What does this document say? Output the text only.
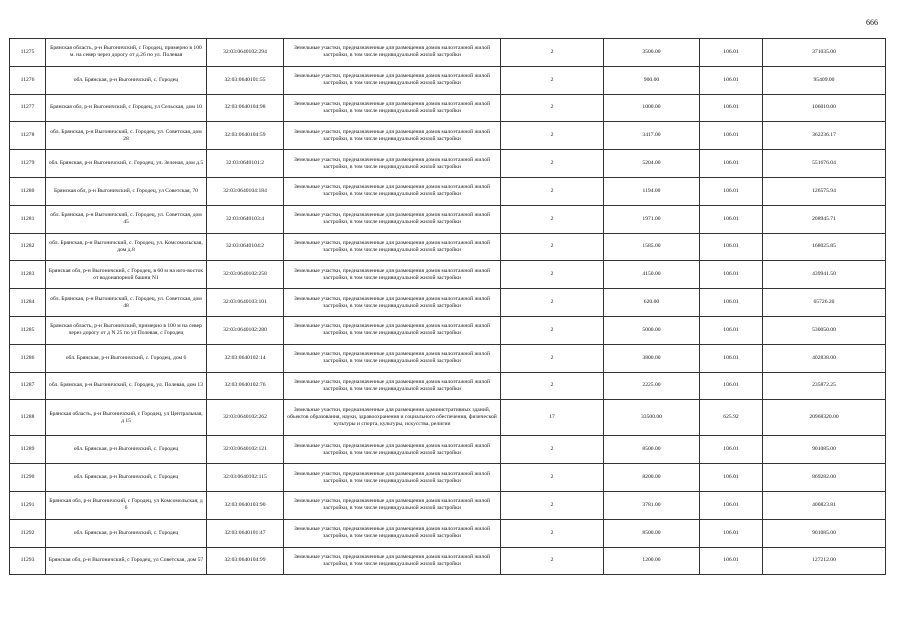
666
11275	Брянская область, р-н Выгоничский, с Городец, примерно в 100 м. на север через дорогу от д.26 по ул. Полевая	32:03:0640102:294	Земельные участки, предназначенные для размещения домов малоэтажной жилой застройки, в том числе индивидуальной жилой застройки	2	3500.00	106.01	371035.00
11276	обл. Брянская, р-н Выгоничский, с. Городец	32:03:0640101:55	Земельные участки, предназначенные для размещения домов малоэтажной жилой застройки, в том числе индивидуальной жилой застройки	2	900.00	106.01	95409.00
11277	Брянская обл, р-н Выгоничский, с Городец, ул Сельская, дом 10	32:03:0640104:98	Земельные участки, предназначенные для размещения домов малоэтажной жилой застройки, в том числе индивидуальной жилой застройки	2	1000.00	106.01	106010.00
11278	обл. Брянская, р-н Выгоничский, с. Городец, ул. Советская, дом 28	32:03:0640104:59	Земельные участки, предназначенные для размещения домов малоэтажной жилой застройки, в том числе индивидуальной жилой застройки	2	3417.00	106.01	362236.17
11279	обл. Брянская, р-н Выгоничский, с. Городец, ул. Зеленая, дом д.5	32:03:0640101:2	Земельные участки, предназначенные для размещения домов малоэтажной жилой застройки, в том числе индивидуальной жилой застройки	2	5204.00	106.01	551676.04
11280	Брянская обл, р-н Выгоничский, с Городец, ул Советская, 70	32:03:0640104:184	Земельные участки, предназначенные для размещения домов малоэтажной жилой застройки, в том числе индивидуальной жилой застройки	2	1194.00	106.01	126575.94
11281	обл. Брянская, р-н Выгоничский, с. Городец, ул. Советская, дом 45	32:03:0640103:4	Земельные участки, предназначенные для размещения домов малоэтажной жилой застройки, в том числе индивидуальной жилой застройки	2	1971.00	106.01	208945.71
11282	обл. Брянская, р-н Выгоничский, с. Городец, ул. Комсомольская, дом д.8	32:03:0640104:2	Земельные участки, предназначенные для размещения домов малоэтажной жилой застройки, в том числе индивидуальной жилой застройки	2	1585.00	106.01	168025.85
11283	Брянская обл, р-н Выгоничский, с Городец, в 60 м на юго-восток от водонапорной башни N1	32:03:0640102:258	Земельные участки, предназначенные для размещения домов малоэтажной жилой застройки, в том числе индивидуальной жилой застройки	2	4150.00	106.01	439941.50
11284	обл. Брянская, р-н Выгоничский, с. Городец, ул. Советская, дом 48	32:03:0640103:101	Земельные участки, предназначенные для размещения домов малоэтажной жилой застройки, в том числе индивидуальной жилой застройки	2	620.00	106.01	65726.20
11285	Брянская область, р-н Выгоничский, примерно в 100 м на север через дорогу от д N 25 по ул Полевая, с Городец	32:03:0640102:280	Земельные участки, предназначенные для размещения домов малоэтажной жилой застройки, в том числе индивидуальной жилой застройки	2	5000.00	106.01	530050.00
11286	обл. Брянская, р-н Выгоничский, с. Городец, дом 6	32:03:0640102:14	Земельные участки, предназначенные для размещения домов малоэтажной жилой застройки, в том числе индивидуальной жилой застройки	2	3800.00	106.01	402838.00
11287	обл. Брянская, р-н Выгоничский, с. Городец, ул. Полевая, дом 13	32:03:0640102:76	Земельные участки, предназначенные для размещения домов малоэтажной жилой застройки, в том числе индивидуальной жилой застройки	2	2225.00	106.01	235872.25
11288	Брянская область, р-н Выгоничский, с Городец, ул Центральная, д 15	32:03:0640102:262	Земельные участки, предназначенные для размещения административных зданий, объектов образования, науки, здравоохранения и социального обеспечения, физической культуры и спорта, культуры, искусства, религии	17	33500.00	625.92	20968320.00
11289	обл. Брянская, р-н Выгоничский, с. Городец	32:03:0640102:121	Земельные участки, предназначенные для размещения домов малоэтажной жилой застройки, в том числе индивидуальной жилой застройки	2	8500.00	106.01	901085.00
11290	обл. Брянская, р-н Выгоничский, с. Городец	32:03:0640102:115	Земельные участки, предназначенные для размещения домов малоэтажной жилой застройки, в том числе индивидуальной жилой застройки	2	8200.00	106.01	869282.00
11291	Брянская обл, р-н Выгоничский, с Городец, ул Комсомольская, д 6	32:03:0640103:90	Земельные участки, предназначенные для размещения домов малоэтажной жилой застройки, в том числе индивидуальной жилой застройки	2	3781.00	106.01	400823.81
11292	обл. Брянская, р-н Выгоничский, с. Городец	32:03:0640101:47	Земельные участки, предназначенные для размещения домов малоэтажной жилой застройки, в том числе индивидуальной жилой застройки	2	8500.00	106.01	901085.00
11293	Брянская обл, р-н Выгоничский, с Городец, ул Советская, дом 57	32:03:0640104:99	Земельные участки, предназначенные для размещения домов малоэтажной жилой застройки, в том числе индивидуальной жилой застройки	2	1200.00	106.01	127212.00
